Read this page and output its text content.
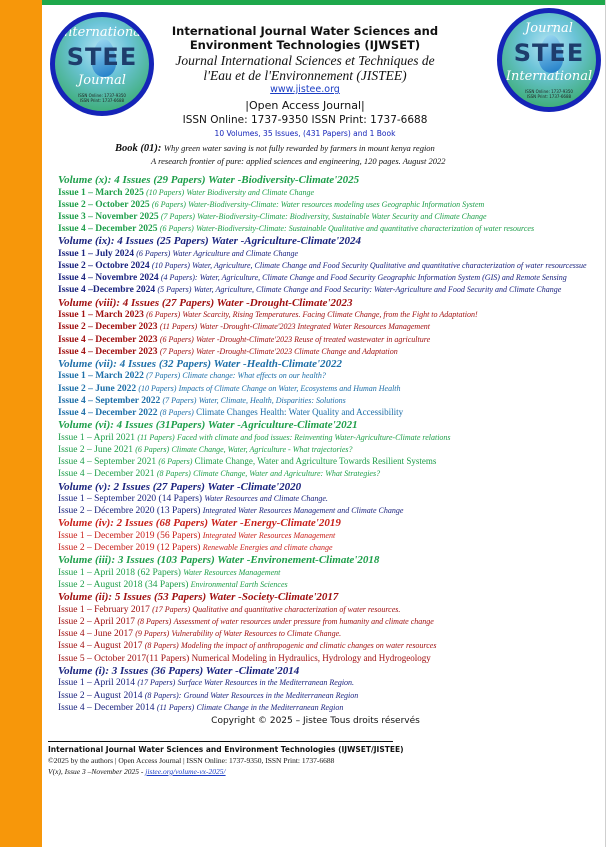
International
STEE
Journal
ISSN Online: 1737-9350 ISSN Print: 1737-6688
Journal
STEE
International
ISSN Online: 1737-9350 ISSN Print: 1737-6688
International Journal Water Sciences and
Environment Technologies (IJWSET)
Journal International Sciences et Techniques de
l'Eau et de l'Environnement (JISTEE)
www.jistee.org
|Open Access Journal|
ISSN Online: 1737-9350 ISSN Print: 1737-6688
10 Volumes, 35 Issues, (431 Papers) and 1 Book
Book (01): Why green water saving is not fully rewarded by farmers in mount kenya region
A research frontier of pure: applied sciences and engineering, 120 pages. August 2022
Volume (x): 4 Issues (29 Papers) Water -Biodiversity-Climate'2025
Issue 1 – March 2025 (10 Papers) Water Biodiversity and Climate Change
Issue 2 – October 2025 (6 Papers) Water-Biodiversity-Climate: Water resources modeling uses Geographic Information System
Issue 3 – November 2025 (7 Papers) Water-Biodiversity-Climate: Biodiversity, Sustainable Water Security and Climate Change
Issue 4 – December 2025 (6 Papers) Water-Biodiversity-Climate: Sustainable Qualitative and quantitative characterization of water resources
Volume (ix): 4 Issues (25 Papers) Water -Agriculture-Climate'2024
Issue 1 – July 2024 (6 Papers) Water Agriculture and Climate Change
Issue 2 – Octobre 2024 (10 Papers) Water, Agriculture, Climate Change and Food Security Qualitative and quantitative characterization of water resourcessue
Issue 4 – Novembre 2024 (4 Papers): Water, Agriculture, Climate Change and Food Security Geographic Information System (GIS) and Remote Sensing
Issue 4 –Decembre 2024 (5 Papers) Water, Agriculture, Climate Change and Food Security: Water-Agriculture and Food Security and Climate Change
Volume (viii): 4 Issues (27 Papers) Water -Drought-Climate'2023
Issue 1 – March 2023 (6 Papers) Water Scarcity, Rising Temperatures. Facing Climate Change, from the Fight to Adaptation!
Issue 2 – December 2023 (11 Papers) Water -Drought-Climate'2023 Integrated Water Resources Management
Issue 4 – December 2023 (6 Papers) Water -Drought-Climate'2023 Reuse of treated wastewater in agriculture
Issue 4 – December 2023 (7 Papers) Water -Drought-Climate'2023 Climate Change and Adaptation
Volume (vii): 4 Issues (32 Papers) Water -Health-Climate'2022
Issue 1 – March 2022 (7 Papers) Climate change: What effects on our health?
Issue 2 – June 2022 (10 Papers) Impacts of Climate Change on Water, Ecosystems and Human Health
Issue 4 – September 2022 (7 Papers) Water, Climate, Health, Disparities: Solutions
Issue 4 – December 2022 (8 Papers) Climate Changes Health: Water Quality and Accessibility
Volume (vi): 4 Issues (31Papers) Water -Agriculture-Climate'2021
Issue 1 – April 2021 (11 Papers) Faced with climate and food issues: Reinventing Water-Agriculture-Climate relations
Issue 2 – June 2021 (6 Papers) Climate Change, Water, Agriculture - What trajectories?
Issue 4 – September 2021 (6 Papers) Climate Change, Water and Agriculture Towards Resilient Systems
Issue 4 – December 2021 (8 Papers) Climate Change, Water and Agriculture: What Strategies?
Volume (v): 2 Issues (27 Papers) Water -Climate'2020
Issue 1 – September 2020 (14 Papers) Water Resources and Climate Change.
Issue 2 – Décembre 2020 (13 Papers) Integrated Water Resources Management and Climate Change
Volume (iv): 2 Issues (68 Papers) Water -Energy-Climate'2019
Issue 1 – December 2019 (56 Papers) Integrated Water Resources Management
Issue 2 – December 2019 (12 Papers) Renewable Energies and climate change
Volume (iii): 3 Issues (103 Papers) Water -Environement-Climate'2018
Issue 1 – April 2018 (62 Papers) Water Resources Management
Issue 2 – August 2018 (34 Papers) Environmental Earth Sciences
Volume (ii): 5 Issues (53 Papers) Water -Society-Climate'2017
Issue 1 – February 2017 (17 Papers) Qualitative and quantitative characterization of water resources.
Issue 2 – April 2017 (8 Papers) Assessment of water resources under pressure from humanity and climate change
Issue 4 – June 2017 (9 Papers) Vulnerability of Water Resources to Climate Change.
Issue 4 – August 2017 (8 Papers) Modeling the impact of anthropogenic and climatic changes on water resources
Issue 5 – October 2017(11 Papers) Numerical Modeling in Hydraulics, Hydrology and Hydrogeology
Volume (i): 3 Issues (36 Papers) Water -Climate'2014
Issue 1 – April 2014 (17 Papers) Surface Water Resources in the Mediterranean Region.
Issue 2 – August 2014 (8 Papers): Ground Water Resources in the Mediterranean Region
Issue 4 – December 2014 (11 Papers) Climate Change in the Mediterranean Region
Copyright © 2025 – Jistee Tous droits réservés
International Journal Water Sciences and Environment Technologies (IJWSET/JISTEE)
©2025 by the authors | Open Access Journal | ISSN Online: 1737-9350, ISSN Print: 1737-6688
V(x), Issue 3 –November 2025 - jistee.org/volume-vx-2025/
